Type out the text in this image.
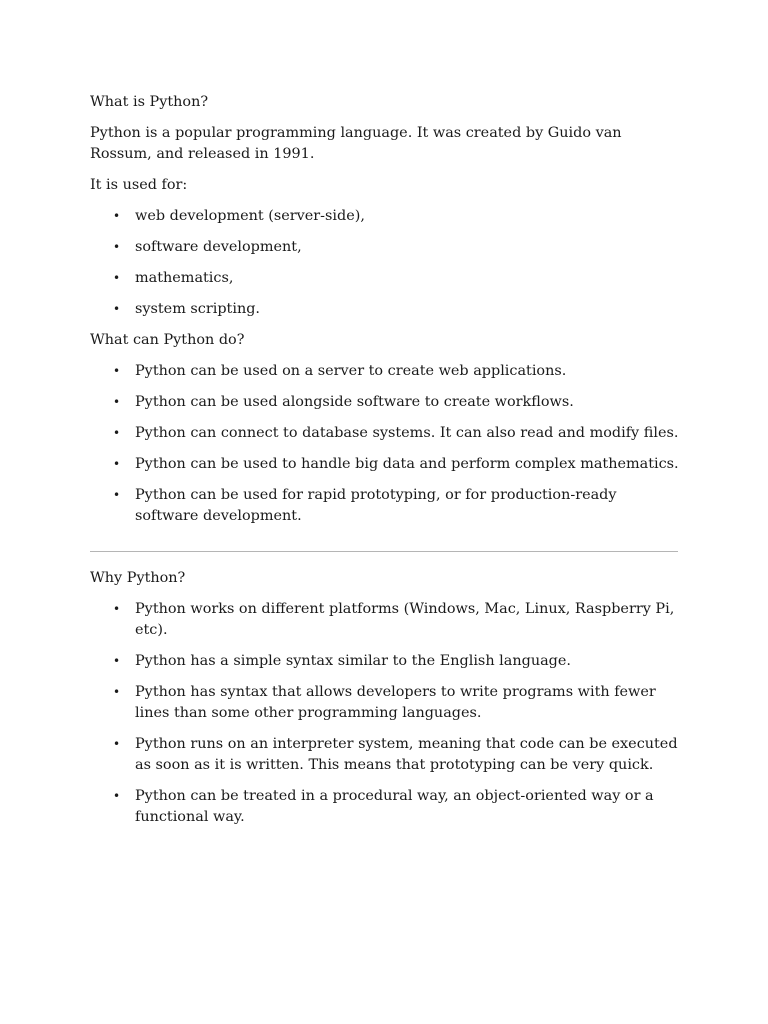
What is Python?

Python is a popular programming language. It was created by Guido van Rossum, and released in 1991.

It is used for:

• web development (server-side),
• software development,
• mathematics,
• system scripting.

What can Python do?

• Python can be used on a server to create web applications.
• Python can be used alongside software to create workflows.
• Python can connect to database systems. It can also read and modify files.
• Python can be used to handle big data and perform complex mathematics.
• Python can be used for rapid prototyping, or for production-ready software development.

Why Python?

• Python works on different platforms (Windows, Mac, Linux, Raspberry Pi, etc).
• Python has a simple syntax similar to the English language.
• Python has syntax that allows developers to write programs with fewer lines than some other programming languages.
• Python runs on an interpreter system, meaning that code can be executed as soon as it is written. This means that prototyping can be very quick.
• Python can be treated in a procedural way, an object-oriented way or a functional way.
